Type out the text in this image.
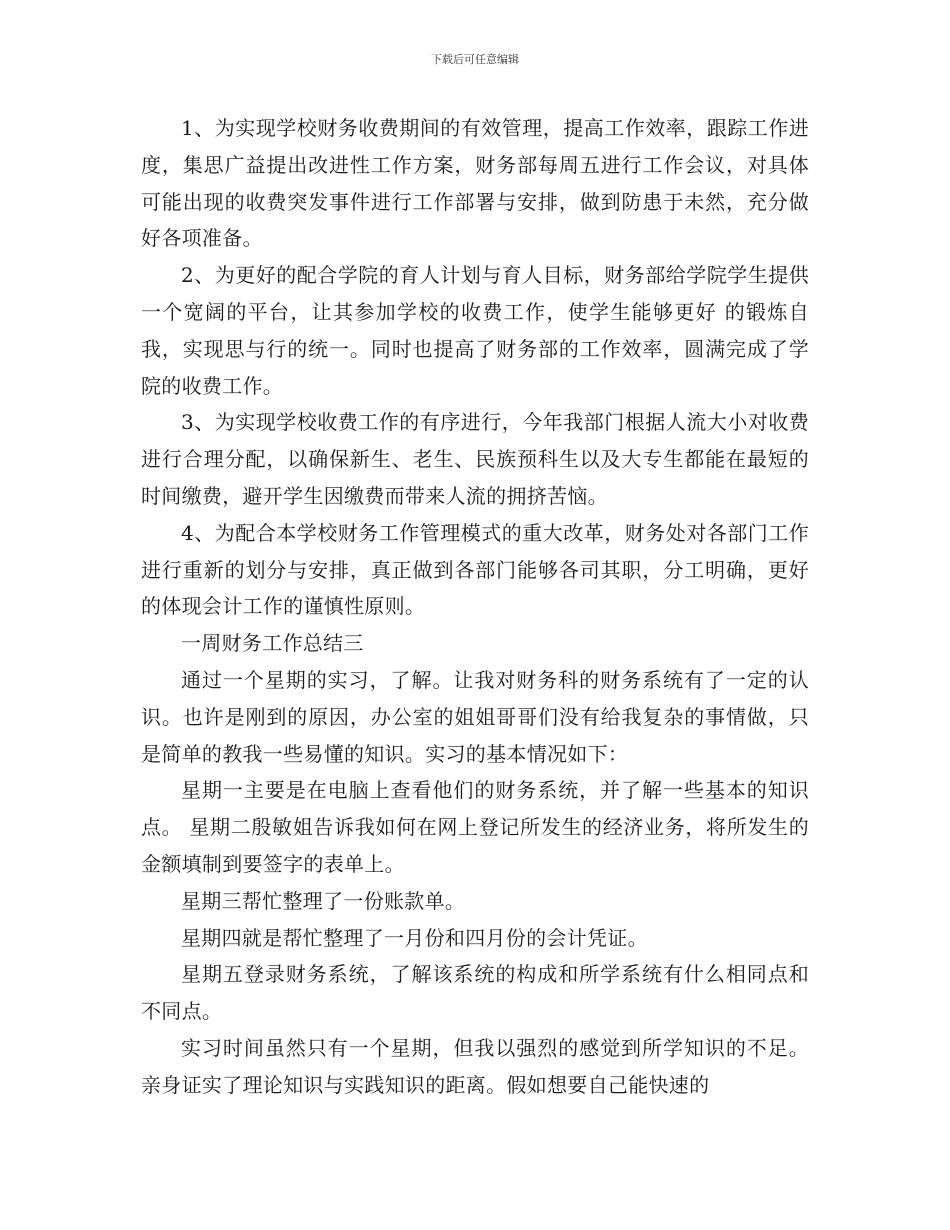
下载后可任意编辑

1、为实现学校财务收费期间的有效管理，提高工作效率，跟踪工作进度，集思广益提出改进性工作方案，财务部每周五进行工作会议，对具体可能出现的收费突发事件进行工作部署与安排，做到防患于未然，充分做好各项准备。

2、为更好的配合学院的育人计划与育人目标，财务部给学院学生提供一个宽阔的平台，让其参加学校的收费工作，使学生能够更好 的锻炼自我，实现思与行的统一。同时也提高了财务部的工作效率，圆满完成了学院的收费工作。

3、为实现学校收费工作的有序进行，今年我部门根据人流大小对收费进行合理分配，以确保新生、老生、民族预科生以及大专生都能在最短的时间缴费，避开学生因缴费而带来人流的拥挤苦恼。

4、为配合本学校财务工作管理模式的重大改革，财务处对各部门工作进行重新的划分与安排，真正做到各部门能够各司其职，分工明确，更好的体现会计工作的谨慎性原则。

一周财务工作总结三

通过一个星期的实习，了解。让我对财务科的财务系统有了一定的认识。也许是刚到的原因，办公室的姐姐哥哥们没有给我复杂的事情做，只是简单的教我一些易懂的知识。实习的基本情况如下：

星期一主要是在电脑上查看他们的财务系统，并了解一些基本的知识点。 星期二殷敏姐告诉我如何在网上登记所发生的经济业务，将所发生的金额填制到要签字的表单上。

星期三帮忙整理了一份账款单。

星期四就是帮忙整理了一月份和四月份的会计凭证。

星期五登录财务系统，了解该系统的构成和所学系统有什么相同点和不同点。

实习时间虽然只有一个星期，但我以强烈的感觉到所学知识的不足。亲身证实了理论知识与实践知识的距离。假如想要自己能快速的
